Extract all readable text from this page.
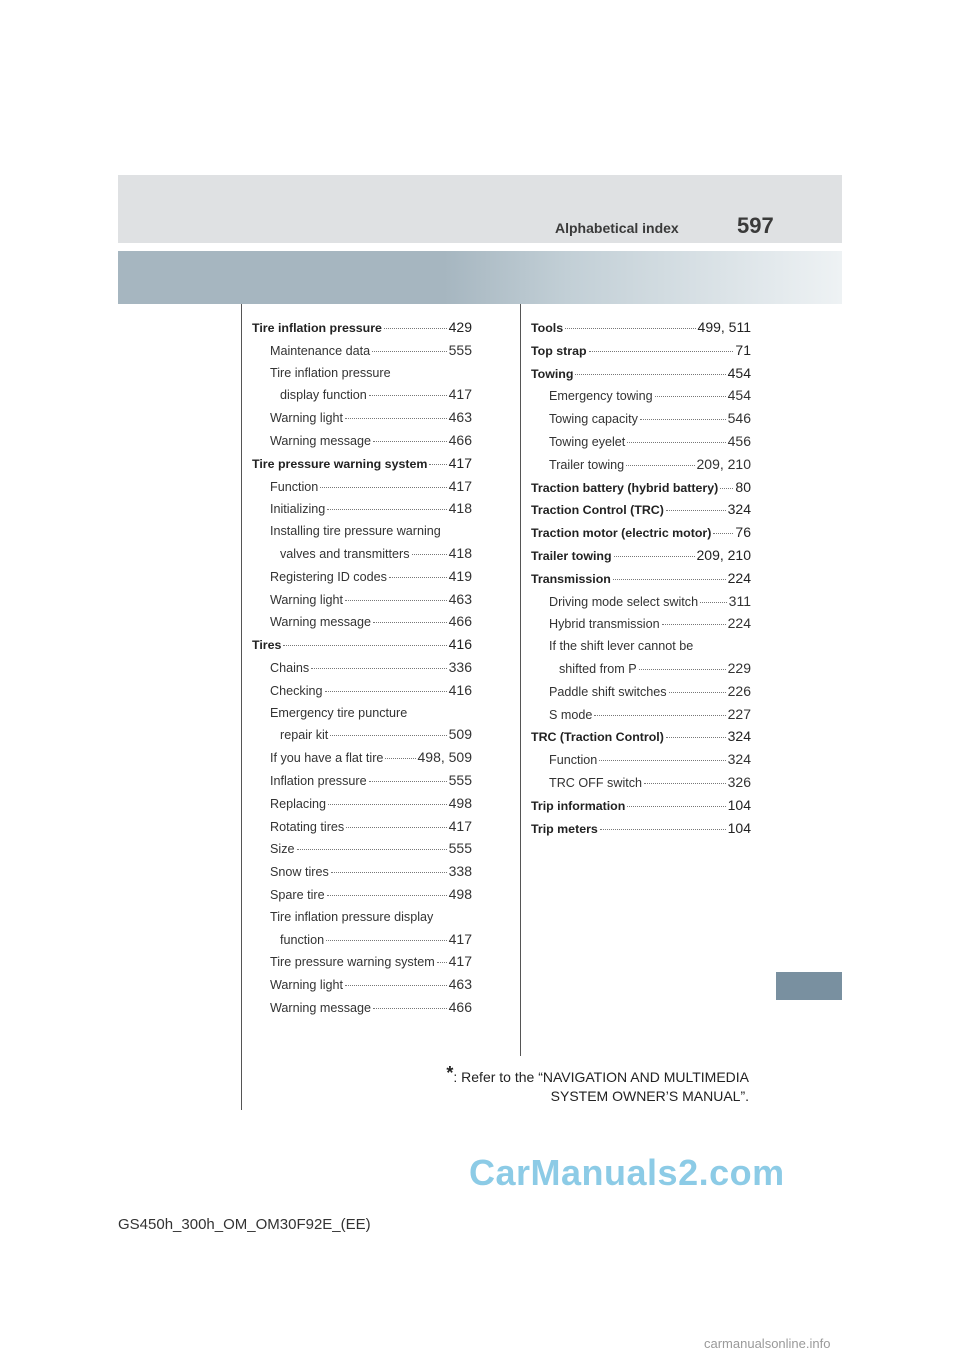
Alphabetical index	597
Tire inflation pressure	429
Maintenance data	555
Tire inflation pressure
display function	417
Warning light	463
Warning message	466
Tire pressure warning system 417
Function	417
Initializing	418
Installing tire pressure warning
valves and transmitters	418
Registering ID codes	419
Warning light	463
Warning message	466
Tires	416
Chains	336
Checking	416
Emergency tire puncture
repair kit	509
If you have a flat tire 498, 509
Inflation pressure	555
Replacing	498
Rotating tires	417
Size	555
Snow tires	338
Spare tire	498
Tire inflation pressure display
function	417
Tire pressure warning system 417
Warning light	463
Warning message	466
Tools	499, 511
Top strap	71
Towing	454
Emergency towing	454
Towing capacity	546
Towing eyelet	456
Trailer towing	209, 210
Traction battery (hybrid battery) 80
Traction Control (TRC)	324
Traction motor (electric motor) 76
Trailer towing	209, 210
Transmission	224
Driving mode select switch 311
Hybrid transmission	224
If the shift lever cannot be
shifted from P	229
Paddle shift switches	226
S mode	227
TRC (Traction Control)	324
Function	324
TRC OFF switch	326
Trip information	104
Trip meters	104
*: Refer to the “NAVIGATION AND MULTIMEDIA
SYSTEM OWNER’S MANUAL”.
CarManuals2.com
GS450h_300h_OM_OM30F92E_(EE)
carmanualsonline.info
